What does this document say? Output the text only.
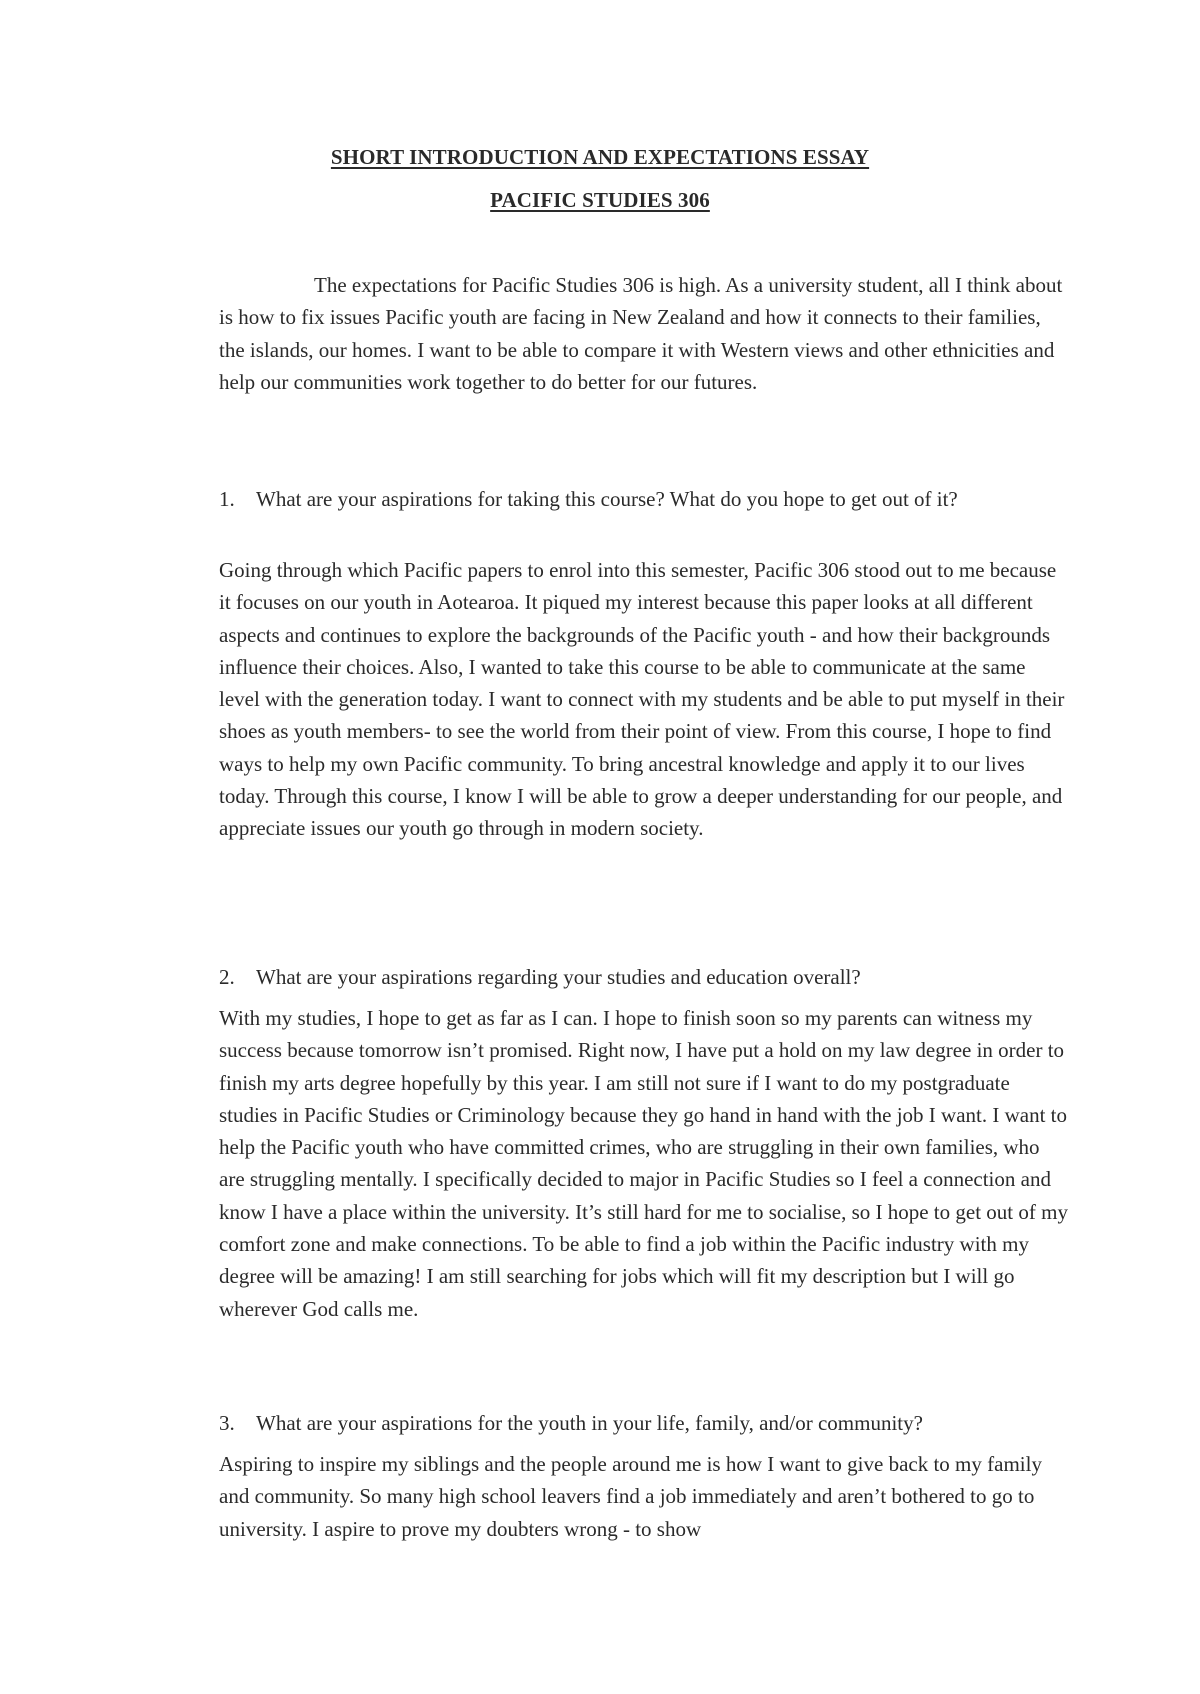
SHORT INTRODUCTION AND EXPECTATIONS ESSAY
PACIFIC STUDIES 306

The expectations for Pacific Studies 306 is high. As a university student, all I think about is how to fix issues Pacific youth are facing in New Zealand and how it connects to their families, the islands, our homes. I want to be able to compare it with Western views and other ethnicities and help our communities work together to do better for our futures.

1.	What are your aspirations for taking this course? What do you hope to get out of it?

Going through which Pacific papers to enrol into this semester, Pacific 306 stood out to me because it focuses on our youth in Aotearoa. It piqued my interest because this paper looks at all different aspects and continues to explore the backgrounds of the Pacific youth - and how their backgrounds influence their choices. Also, I wanted to take this course to be able to communicate at the same level with the generation today. I want to connect with my students and be able to put myself in their shoes as youth members- to see the world from their point of view. From this course, I hope to find ways to help my own Pacific community. To bring ancestral knowledge and apply it to our lives today. Through this course, I know I will be able to grow a deeper understanding for our people, and appreciate issues our youth go through in modern society.

2.	What are your aspirations regarding your studies and education overall?

With my studies, I hope to get as far as I can. I hope to finish soon so my parents can witness my success because tomorrow isn’t promised. Right now, I have put a hold on my law degree in order to finish my arts degree hopefully by this year. I am still not sure if I want to do my postgraduate studies in Pacific Studies or Criminology because they go hand in hand with the job I want. I want to help the Pacific youth who have committed crimes, who are struggling in their own families, who are struggling mentally. I specifically decided to major in Pacific Studies so I feel a connection and know I have a place within the university. It’s still hard for me to socialise, so I hope to get out of my comfort zone and make connections. To be able to find a job within the Pacific industry with my degree will be amazing! I am still searching for jobs which will fit my description but I will go wherever God calls me.

3.	What are your aspirations for the youth in your life, family, and/or community?

Aspiring to inspire my siblings and the people around me is how I want to give back to my family and community. So many high school leavers find a job immediately and aren’t bothered to go to university. I aspire to prove my doubters wrong - to show
